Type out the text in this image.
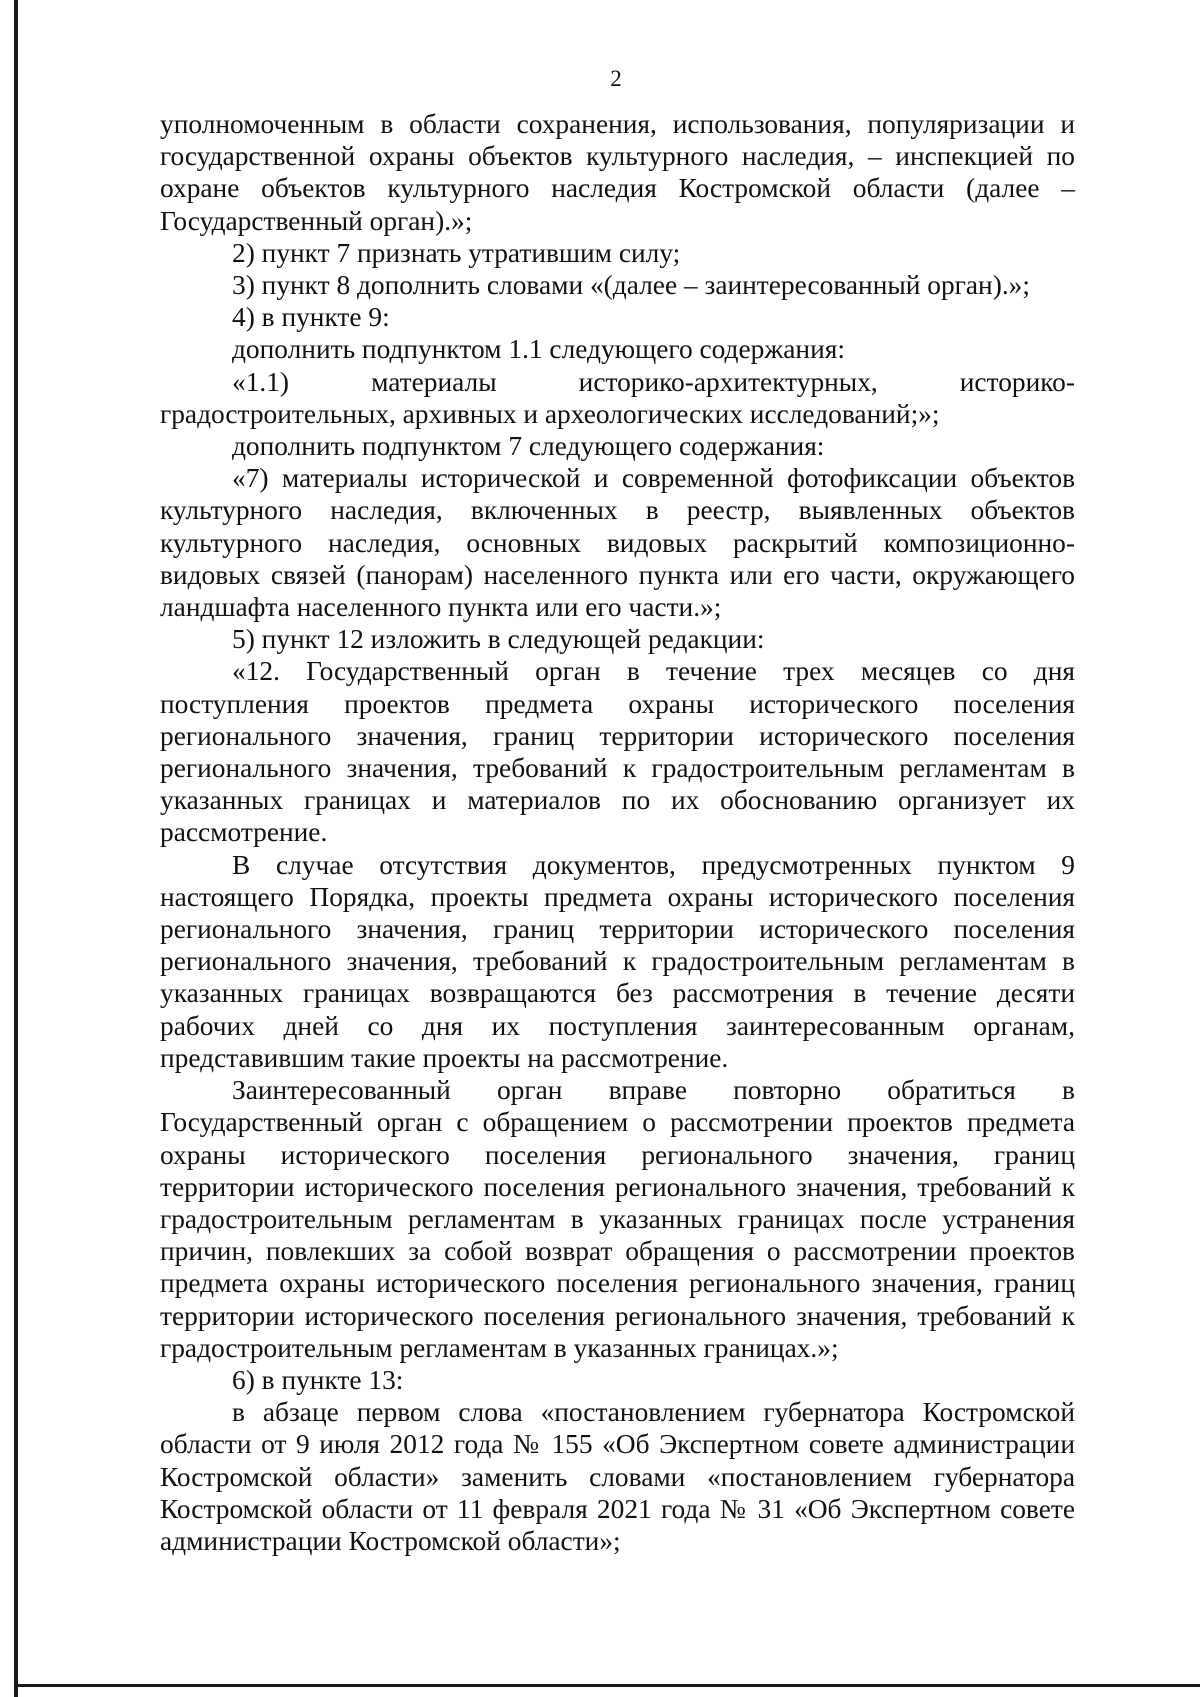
2

уполномоченным в области сохранения, использования, популяризации и государственной охраны объектов культурного наследия, – инспекцией по охране объектов культурного наследия Костромской области (далее – Государственный орган).»;

2) пункт 7 признать утратившим силу;

3) пункт 8 дополнить словами «(далее – заинтересованный орган).»;

4) в пункте 9:

дополнить подпунктом 1.1 следующего содержания:

«1.1) материалы историко-архитектурных, историко-градостроительных, архивных и археологических исследований;»;

дополнить подпунктом 7 следующего содержания:

«7) материалы исторической и современной фотофиксации объектов культурного наследия, включенных в реестр, выявленных объектов культурного наследия, основных видовых раскрытий композиционно-видовых связей (панорам) населенного пункта или его части, окружающего ландшафта населенного пункта или его части.»;

5) пункт 12 изложить в следующей редакции:

«12. Государственный орган в течение трех месяцев со дня поступления проектов предмета охраны исторического поселения регионального значения, границ территории исторического поселения регионального значения, требований к градостроительным регламентам в указанных границах и материалов по их обоснованию организует их рассмотрение.

В случае отсутствия документов, предусмотренных пунктом 9 настоящего Порядка, проекты предмета охраны исторического поселения регионального значения, границ территории исторического поселения регионального значения, требований к градостроительным регламентам в указанных границах возвращаются без рассмотрения в течение десяти рабочих дней со дня их поступления заинтересованным органам, представившим такие проекты на рассмотрение.

Заинтересованный орган вправе повторно обратиться в Государственный орган с обращением о рассмотрении проектов предмета охраны исторического поселения регионального значения, границ территории исторического поселения регионального значения, требований к градостроительным регламентам в указанных границах после устранения причин, повлекших за собой возврат обращения о рассмотрении проектов предмета охраны исторического поселения регионального значения, границ территории исторического поселения регионального значения, требований к градостроительным регламентам в указанных границах.»;

6) в пункте 13:

в абзаце первом слова «постановлением губернатора Костромской области от 9 июля 2012 года № 155 «Об Экспертном совете администрации Костромской области» заменить словами «постановлением губернатора Костромской области от 11 февраля 2021 года № 31 «Об Экспертном совете администрации Костромской области»;
